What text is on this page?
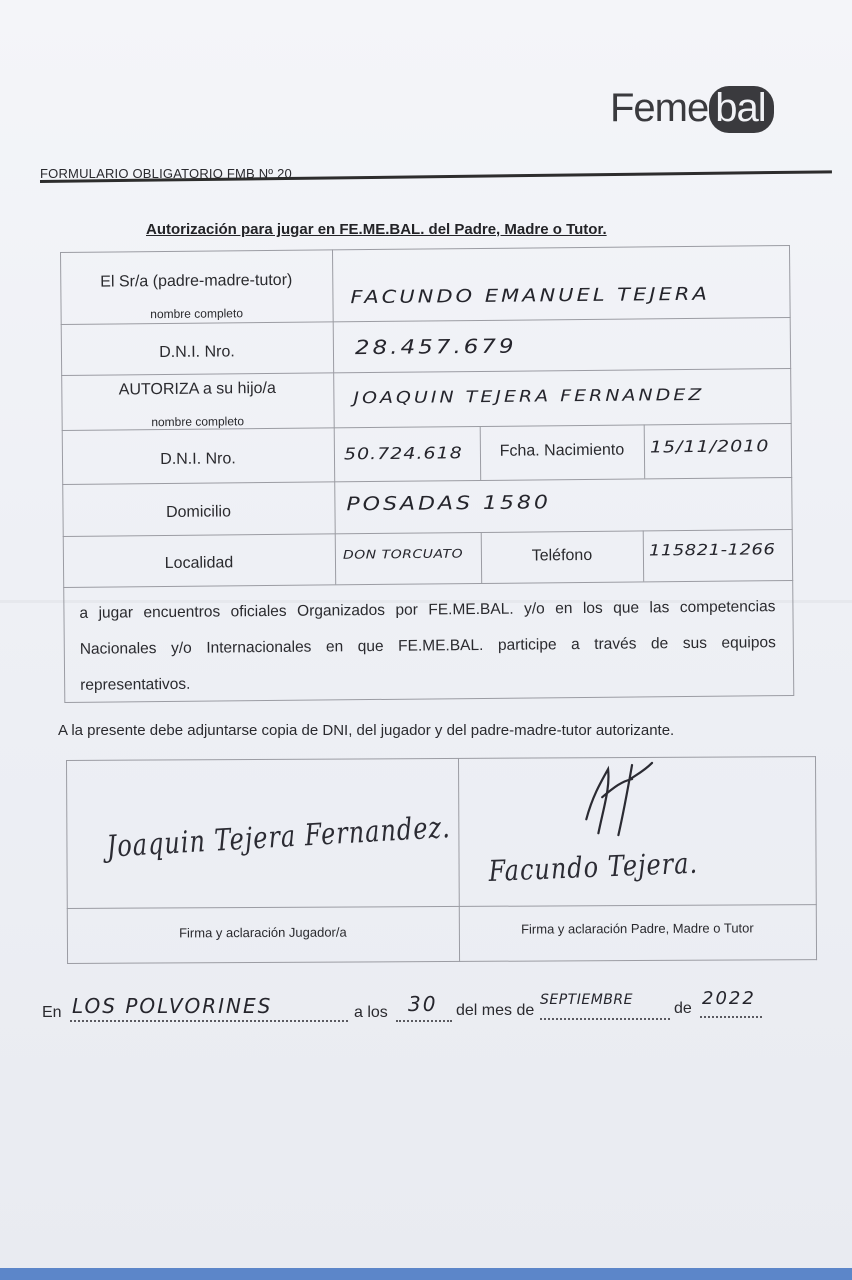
Feme bal
FORMULARIO OBLIGATORIO FMB Nº 20
Autorización para jugar en FE.ME.BAL. del Padre, Madre o Tutor.
El Sr/a (padre-madre-tutor)
nombre completo
FACUNDO EMANUEL TEJERA
D.N.I. Nro.	28.457.679
AUTORIZA a su hijo/a
nombre completo
JOAQUIN TEJERA FERNANDEZ
D.N.I. Nro.	50.724.618	Fcha. Nacimiento	15/11/2010
Domicilio	POSADAS 1580
Localidad	DON TORCUATO	Teléfono	115821-1266
a jugar encuentros oficiales Organizados por FE.ME.BAL. y/o en los que las competencias Nacionales y/o Internacionales en que FE.ME.BAL. participe a través de sus equipos representativos.
A la presente debe adjuntarse copia de DNI, del jugador y del padre-madre-tutor autorizante.
Joaquin Tejera Fernandez.
Facundo Tejera.
Firma y aclaración Jugador/a	Firma y aclaración Padre, Madre o Tutor
En LOS POLVORINES	a los 30 del mes de
SEPTIEMBRE	de 2022
